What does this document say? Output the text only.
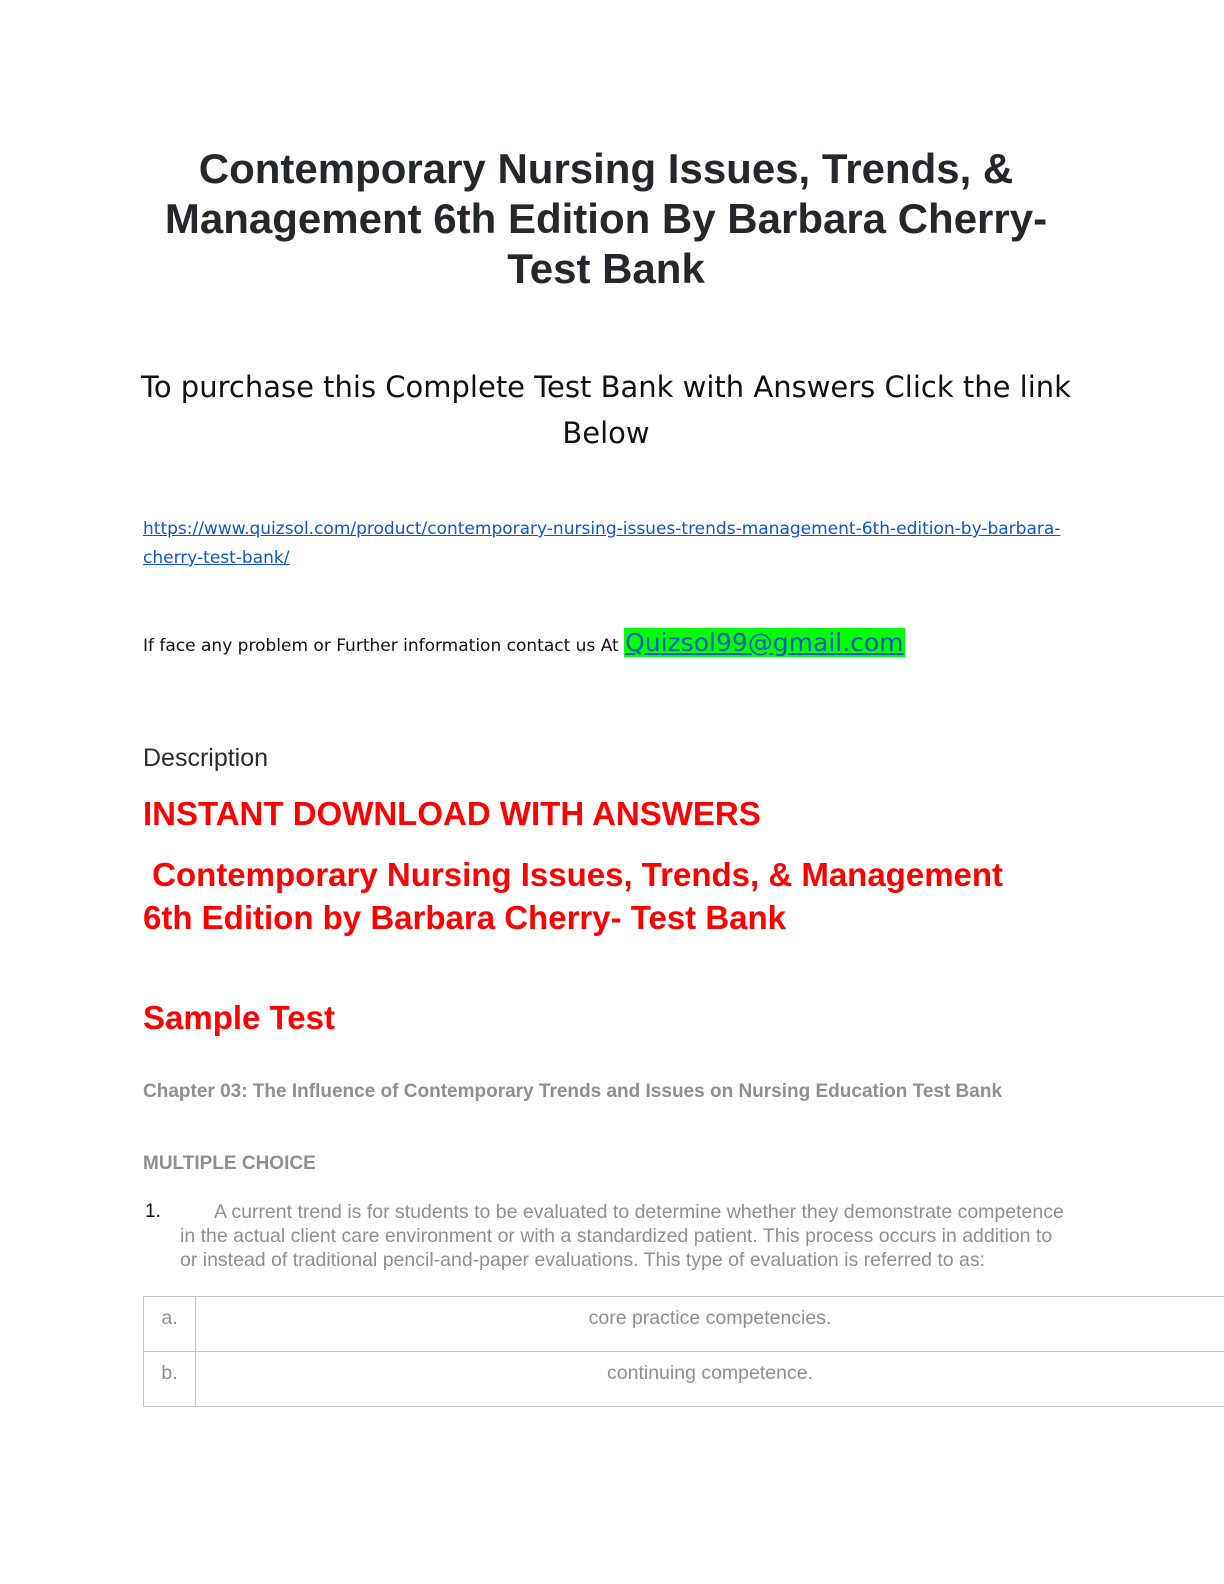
Contemporary Nursing Issues, Trends, & Management 6th Edition By Barbara Cherry- Test Bank

To purchase this Complete Test Bank with Answers Click the link Below

https://www.quizsol.com/product/contemporary-nursing-issues-trends-management-6th-edition-by-barbara-cherry-test-bank/
If face any problem or Further information contact us At Quizsol99@gmail.com
Description
INSTANT DOWNLOAD WITH ANSWERS
Contemporary Nursing Issues, Trends, & Management 6th Edition by Barbara Cherry- Test Bank
Sample Test
Chapter 03: The Influence of Contemporary Trends and Issues on Nursing Education Test Bank
MULTIPLE CHOICE
1.	A current trend is for students to be evaluated to determine whether they demonstrate competence in the actual client care environment or with a standardized patient. This process occurs in addition to or instead of traditional pencil-and-paper evaluations. This type of evaluation is referred to as:
a.	core practice competencies.
b.	continuing competence.
